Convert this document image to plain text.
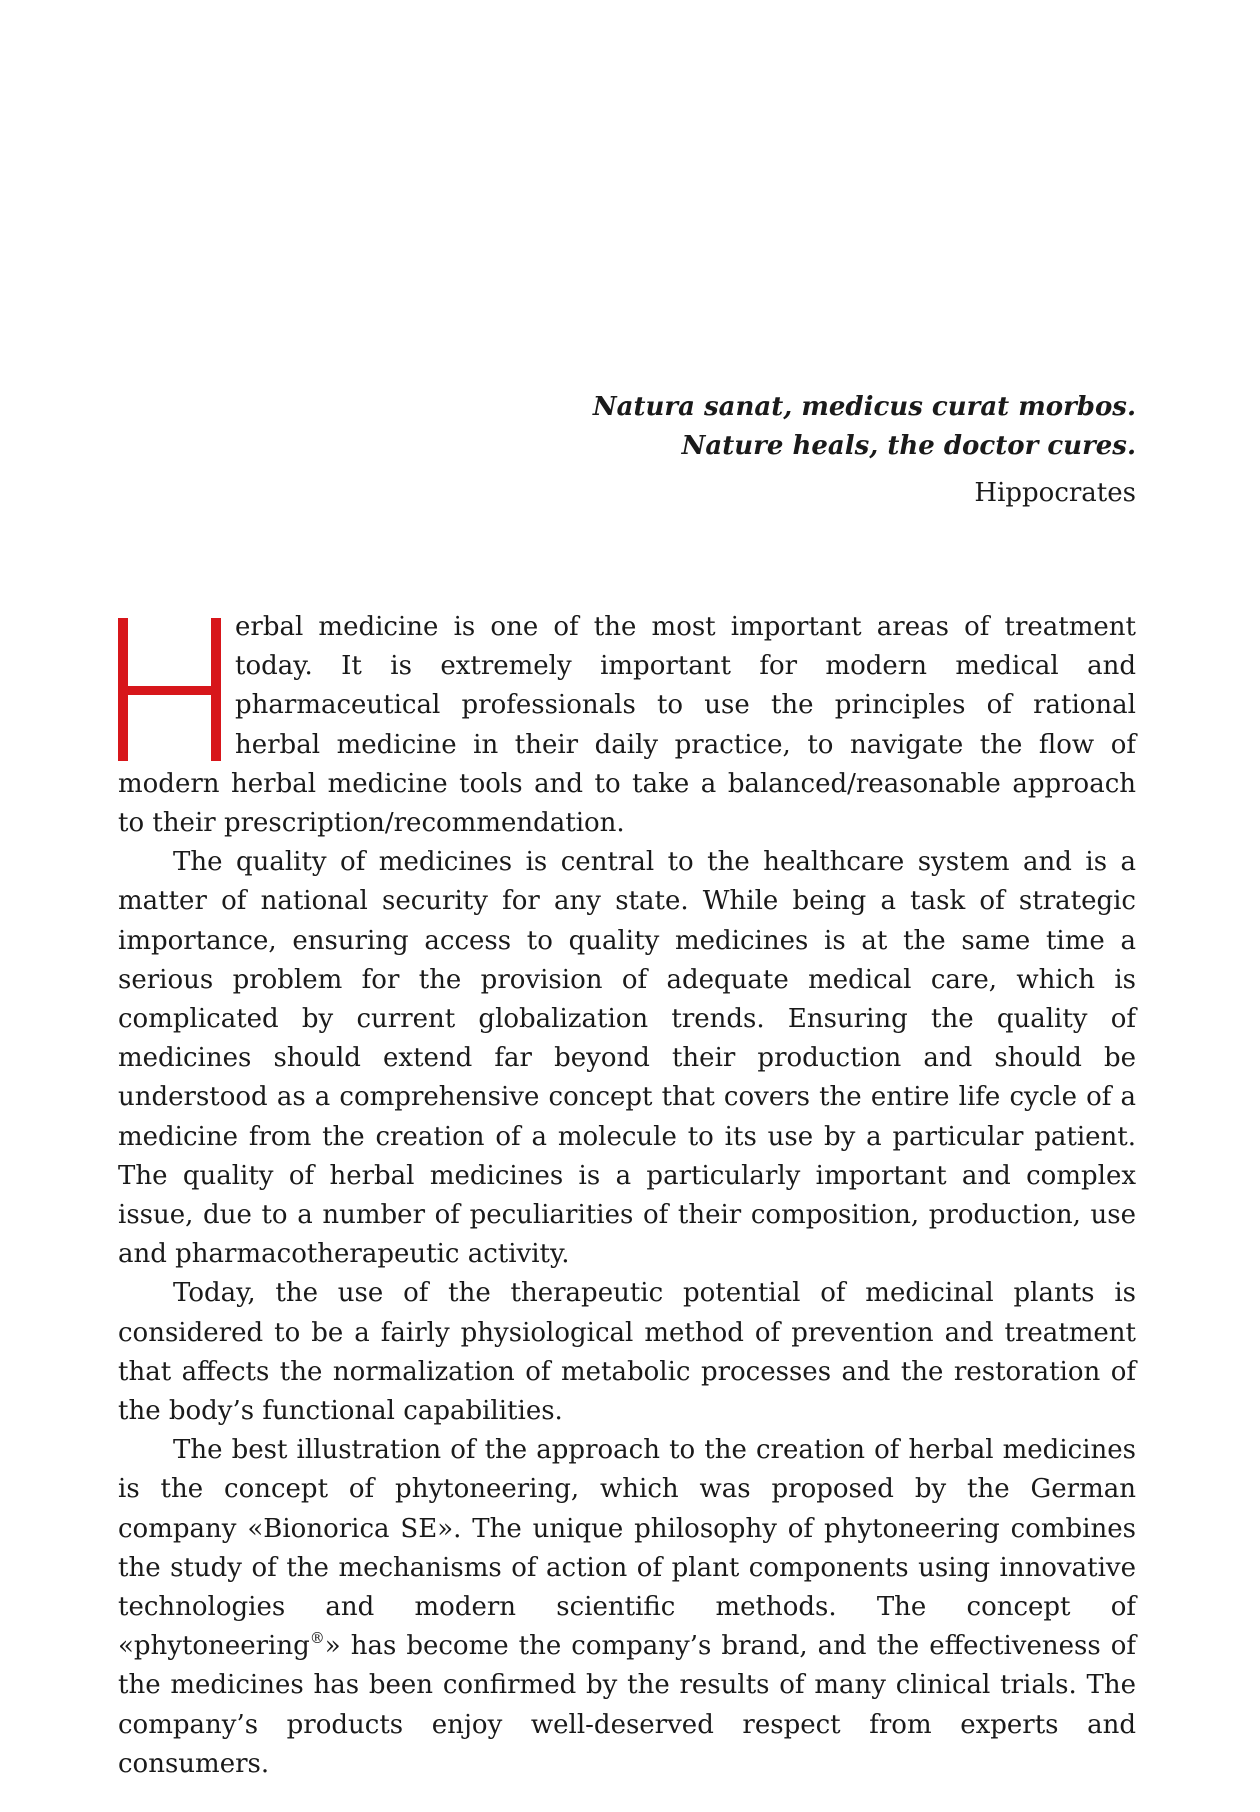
Natura sanat, medicus curat morbos.
Nature heals, the doctor cures.
Hippocrates

erbal medicine is one of the most important areas of treatment today. It is extremely important for modern medical and pharmaceutical professionals to use the principles of rational herbal medicine in their daily practice, to navigate the flow of modern herbal medicine tools and to take a balanced/reasonable approach to their prescription/recommendation.

The quality of medicines is central to the healthcare system and is a matter of national security for any state. While being a task of strategic importance, ensuring access to quality medicines is at the same time a serious problem for the provision of adequate medical care, which is complicated by current globalization trends. Ensuring the quality of medicines should extend far beyond their production and should be understood as a comprehensive concept that covers the entire life cycle of a medicine from the creation of a molecule to its use by a particular patient. The quality of herbal medicines is a particularly important and complex issue, due to a number of peculiarities of their composition, production, use and pharmacotherapeutic activity.

Today, the use of the therapeutic potential of medicinal plants is considered to be a fairly physiological method of prevention and treatment that affects the normalization of metabolic processes and the restoration of the body’s functional capabilities.

The best illustration of the approach to the creation of herbal medicines is the concept of phytoneering, which was proposed by the German company «Bionorica SE». The unique philosophy of phytoneering combines the study of the mechanisms of action of plant components using innovative technologies and modern scientific methods. The concept of «phytoneering®» has become the company’s brand, and the effectiveness of the medicines has been confirmed by the results of many clinical trials. The company’s products enjoy well-deserved respect from experts and consumers.
